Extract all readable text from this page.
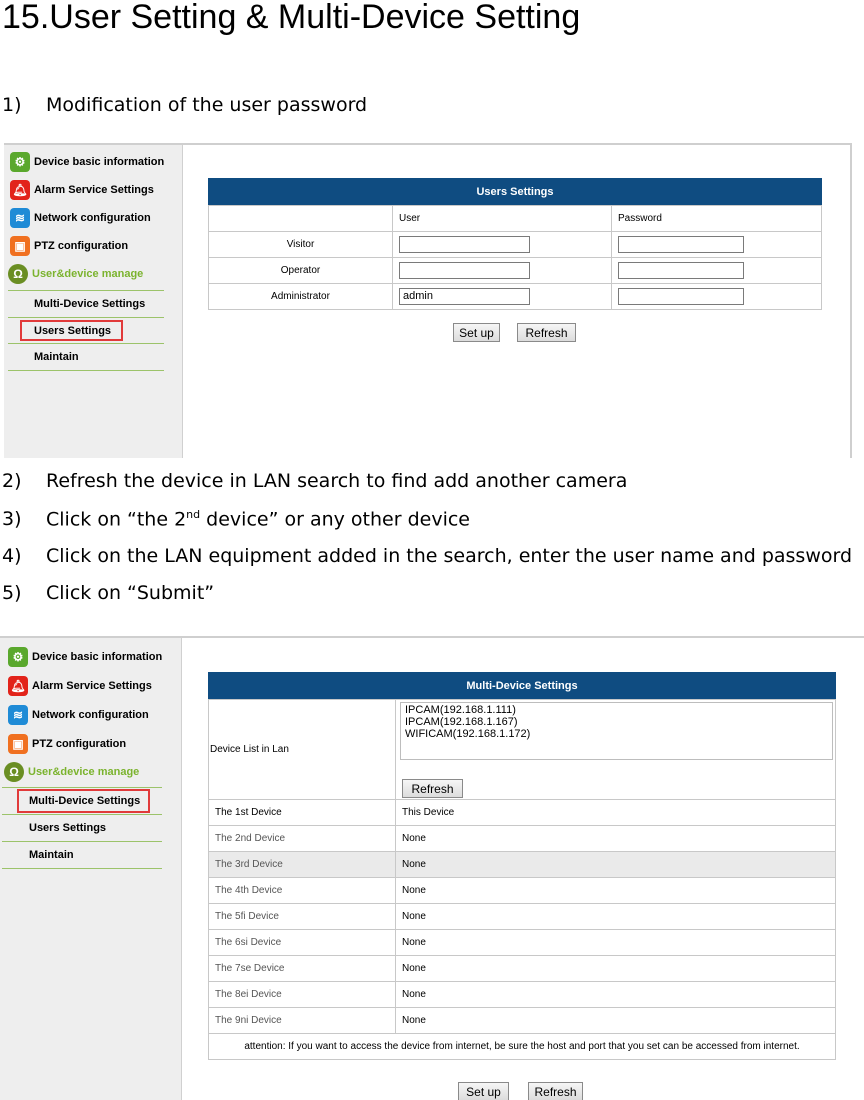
15.User Setting & Multi-Device Setting
1) Modification of the user password
⚙ Device basic information
🔔︎ Alarm Service Settings
≋ Network configuration
▣ PTZ configuration
Ω User&device manage
Multi-Device Settings
Users Settings
Maintain
Users Settings
	User	Password
Visitor		
Operator		
Administrator	admin	
Set up	Refresh
2) Refresh the device in LAN search to find add another camera
3) Click on “the 2nd device” or any other device
4) Click on the LAN equipment added in the search, enter the user name and password
5) Click on “Submit”
⚙ Device basic information
🔔︎ Alarm Service Settings
≋ Network configuration
▣ PTZ configuration
Ω User&device manage
Multi-Device Settings
Users Settings
Maintain
Multi-Device Settings
Device List in Lan	IPCAM(192.168.1.111)
IPCAM(192.168.1.167)
WIFICAM(192.168.1.172)
Refresh

The 1st Device	This Device
The 2nd Device	None
The 3rd Device	None
The 4th Device	None
The 5fi Device	None
The 6si Device	None
The 7se Device	None
The 8ei Device	None
The 9ni Device	None
attention: If you want to access the device from internet, be sure the host and port that you set can be accessed from internet.	
Set up	Refresh
